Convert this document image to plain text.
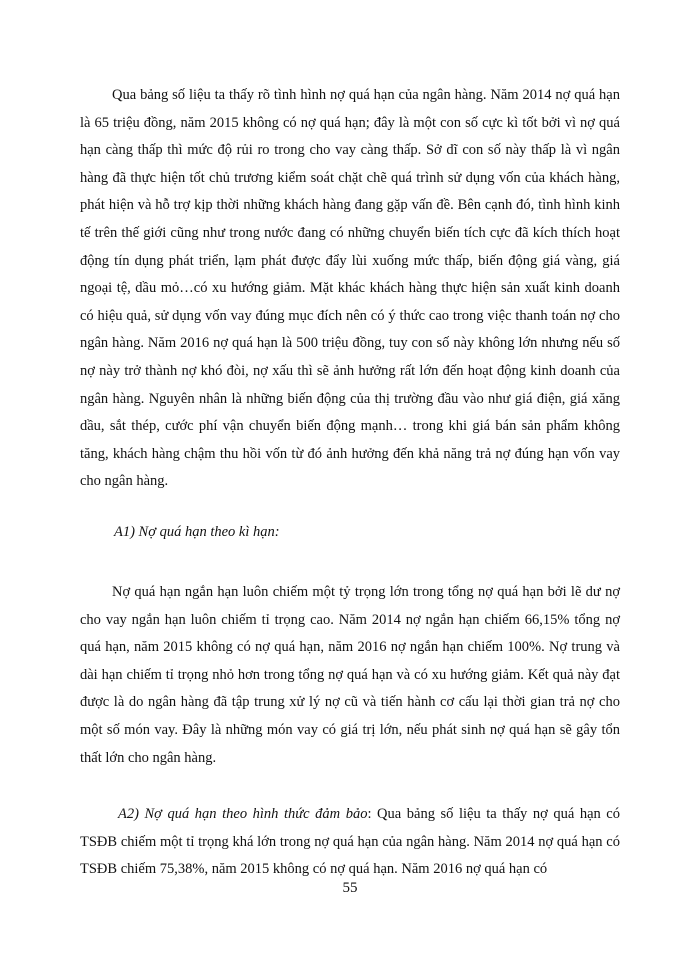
Qua bảng số liệu ta thấy rõ tình hình nợ quá hạn của ngân hàng. Năm 2014 nợ quá hạn là 65 triệu đồng, năm 2015 không có nợ quá hạn; đây là một con số cực kì tốt bởi vì nợ quá hạn càng thấp thì mức độ rủi ro trong cho vay càng thấp. Sở dĩ con số này thấp là vì ngân hàng đã thực hiện tốt chủ trương kiểm soát chặt chẽ quá trình sử dụng vốn của khách hàng, phát hiện và hỗ trợ kịp thời những khách hàng đang gặp vấn đề. Bên cạnh đó, tình hình kinh tế trên thế giới cũng như trong nước đang có những chuyển biến tích cực đã kích thích hoạt động tín dụng phát triển, lạm phát được đẩy lùi xuống mức thấp, biến động giá vàng, giá ngoại tệ, dầu mỏ…có xu hướng giảm. Mặt khác khách hàng thực hiện sản xuất kinh doanh có hiệu quả, sử dụng vốn vay đúng mục đích nên có ý thức cao trong việc thanh toán nợ cho ngân hàng. Năm 2016 nợ quá hạn là 500 triệu đồng, tuy con số này không lớn nhưng nếu số nợ này trở thành nợ khó đòi, nợ xấu thì sẽ ảnh hưởng rất lớn đến hoạt động kinh doanh của ngân hàng. Nguyên nhân là những biến động của thị trường đầu vào như giá điện, giá xăng dầu, sắt thép, cước phí vận chuyển biến động mạnh… trong khi giá bán sản phẩm không tăng, khách hàng chậm thu hồi vốn từ đó ảnh hưởng đến khả năng trả nợ đúng hạn vốn vay cho ngân hàng.

A1) Nợ quá hạn theo kì hạn:

Nợ quá hạn ngắn hạn luôn chiếm một tỷ trọng lớn trong tổng nợ quá hạn bởi lẽ dư nợ cho vay ngắn hạn luôn chiếm tỉ trọng cao. Năm 2014 nợ ngắn hạn chiếm 66,15% tổng nợ quá hạn, năm 2015 không có nợ quá hạn, năm 2016 nợ ngắn hạn chiếm 100%. Nợ trung và dài hạn chiếm tỉ trọng nhỏ hơn trong tổng nợ quá hạn và có xu hướng giảm. Kết quả này đạt được là do ngân hàng đã tập trung xử lý nợ cũ và tiến hành cơ cấu lại thời gian trả nợ cho một số món vay. Đây là những món vay có giá trị lớn, nếu phát sinh nợ quá hạn sẽ gây tổn thất lớn cho ngân hàng.

A2) Nợ quá hạn theo hình thức đảm bảo: Qua bảng số liệu ta thấy nợ quá hạn có TSĐB chiếm một tỉ trọng khá lớn trong nợ quá hạn của ngân hàng. Năm 2014 nợ quá hạn có TSĐB chiếm 75,38%, năm 2015 không có nợ quá hạn. Năm 2016 nợ quá hạn có

55
